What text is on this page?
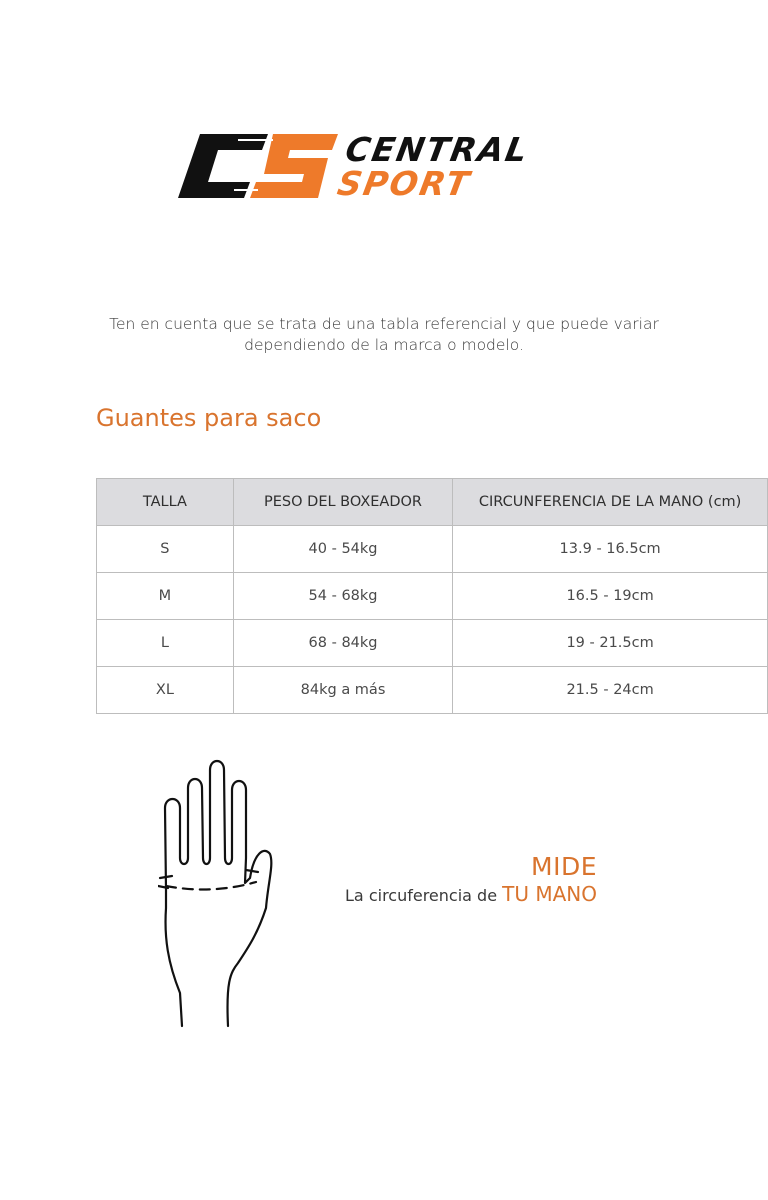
CENTRAL
SPORT
Ten en cuenta que se trata de una tabla referencial y que puede variar dependiendo de la marca o modelo.
Guantes para saco
TALLA	PESO DEL BOXEADOR	CIRCUNFERENCIA DE LA MANO (cm)
S	40 - 54kg	13.9 - 16.5cm
M	54 - 68kg	16.5 - 19cm
L	68 - 84kg	19 - 21.5cm
XL	84kg a más	21.5 - 24cm
MIDE
La circuferencia de TU MANO
